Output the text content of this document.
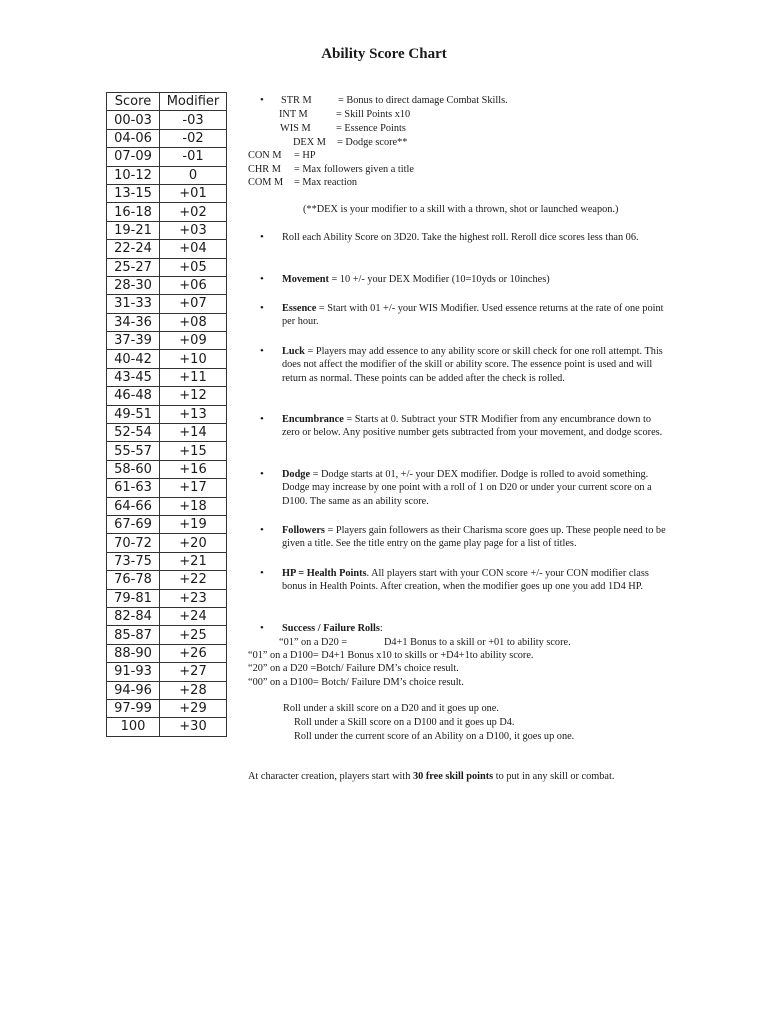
Ability Score Chart
Score	Modifier
00-03	-03
04-06	-02
07-09	-01
10-12	0
13-15	+01
16-18	+02
19-21	+03
22-24	+04
25-27	+05
28-30	+06
31-33	+07
34-36	+08
37-39	+09
40-42	+10
43-45	+11
46-48	+12
49-51	+13
52-54	+14
55-57	+15
58-60	+16
61-63	+17
64-66	+18
67-69	+19
70-72	+20
73-75	+21
76-78	+22
79-81	+23
82-84	+24
85-87	+25
88-90	+26
91-93	+27
94-96	+28
97-99	+29
100	+30
• STR M	= Bonus to direct damage Combat Skills.
INT M	= Skill Points x10
WIS M = Essence Points
DEX M = Dodge score**
CON M = HP
CHR M = Max followers given a title
COM M = Max reaction
(**DEX is your modifier to a skill with a thrown, shot or launched weapon.)
• Roll each Ability Score on 3D20. Take the highest roll. Reroll dice scores less than 06.
• Movement = 10 +/- your DEX Modifier (10=10yds or 10inches)
• Essence = Start with 01 +/- your WIS Modifier. Used essence returns at the rate of one point per hour.
• Luck = Players may add essence to any ability score or skill check for one roll attempt. This does not affect the modifier of the skill or ability score. The essence point is used and will return as normal. These points can be added after the check is rolled.
• Encumbrance = Starts at 0. Subtract your STR Modifier from any encumbrance down to zero or below. Any positive number gets subtracted from your movement, and dodge scores.
• Dodge = Dodge starts at 01, +/- your DEX modifier. Dodge is rolled to avoid something. Dodge may increase by one point with a roll of 1 on D20 or under your current score on a D100. The same as an ability score.
• Followers = Players gain followers as their Charisma score goes up. These people need to be given a title. See the title entry on the game play page for a list of titles.
• HP = Health Points. All players start with your CON score +/- your CON modifier class bonus in Health Points. After creation, when the modifier goes up one you add 1D4 HP.
• Success / Failure Rolls:
“01” on a D20 =	D4+1 Bonus to a skill or +01 to ability score.
“01” on a D100= D4+1 Bonus x10 to skills or +D4+1to ability score.
“20” on a D20 =Botch/ Failure DM’s choice result.
“00” on a D100= Botch/ Failure DM’s choice result.
Roll under a skill score on a D20 and it goes up one.
Roll under a Skill score on a D100 and it goes up D4.
Roll under the current score of an Ability on a D100, it goes up one.
At character creation, players start with 30 free skill points to put in any skill or combat.
